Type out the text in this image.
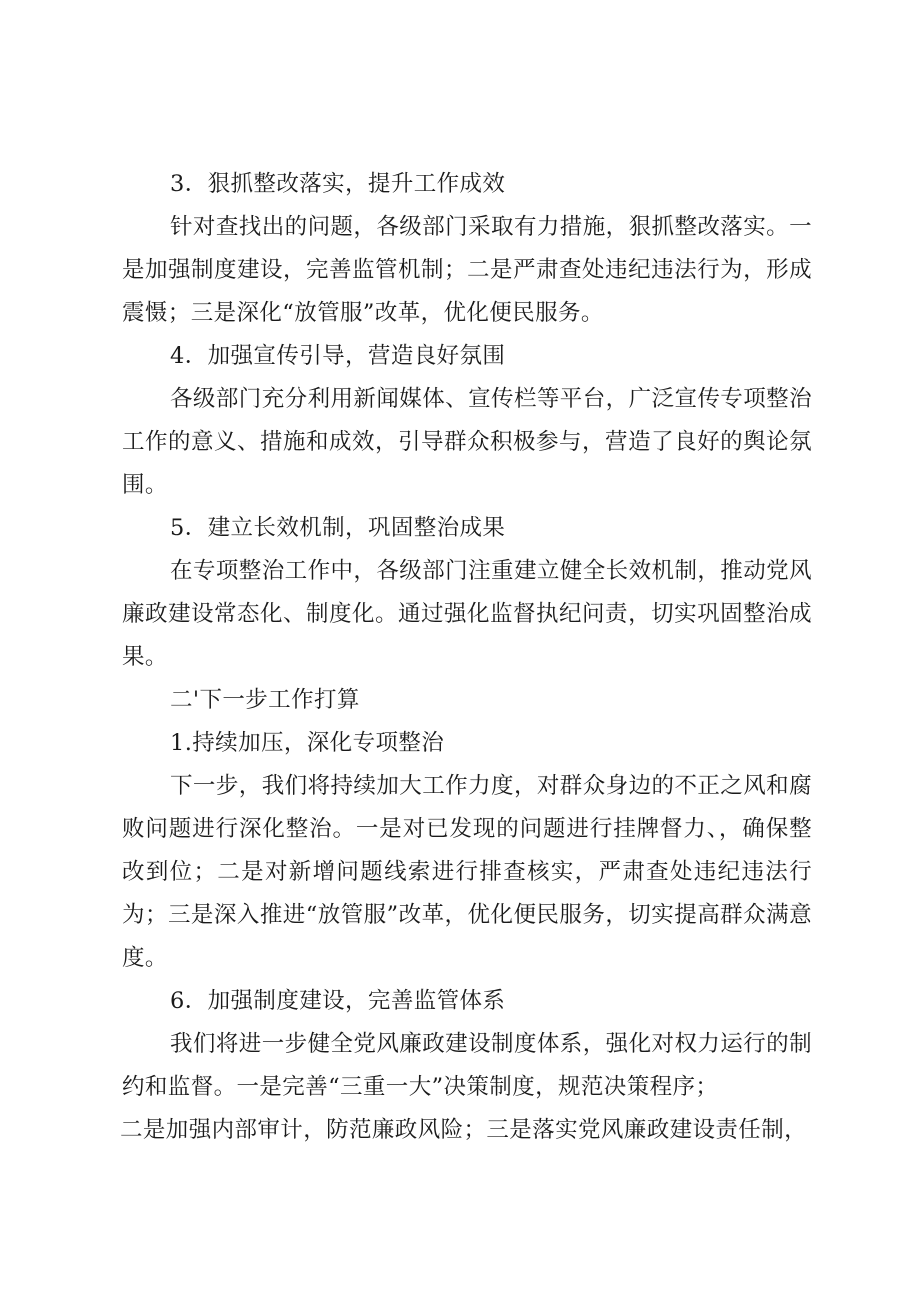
3．狠抓整改落实，提升工作成效

针对查找出的问题，各级部门采取有力措施，狠抓整改落实。一是加强制度建设，完善监管机制；二是严肃查处违纪违法行为，形成震慑；三是深化“放管服”改革，优化便民服务。

4．加强宣传引导，营造良好氛围

各级部门充分利用新闻媒体、宣传栏等平台，广泛宣传专项整治工作的意义、措施和成效，引导群众积极参与，营造了良好的舆论氛围。

5．建立长效机制，巩固整治成果

在专项整治工作中，各级部门注重建立健全长效机制，推动党风廉政建设常态化、制度化。通过强化监督执纪问责，切实巩固整治成果。

二'下一步工作打算

1.持续加压，深化专项整治

下一步，我们将持续加大工作力度，对群众身边的不正之风和腐败问题进行深化整治。一是对已发现的问题进行挂牌督力、，确保整改到位；二是对新增问题线索进行排查核实，严肃查处违纪违法行为；三是深入推进“放管服”改革，优化便民服务，切实提高群众满意度。

6．加强制度建设，完善监管体系

我们将进一步健全党风廉政建设制度体系，强化对权力运行的制约和监督。一是完善“三重一大”决策制度，规范决策程序；

二是加强内部审计，防范廉政风险；三是落实党风廉政建设责任制，
